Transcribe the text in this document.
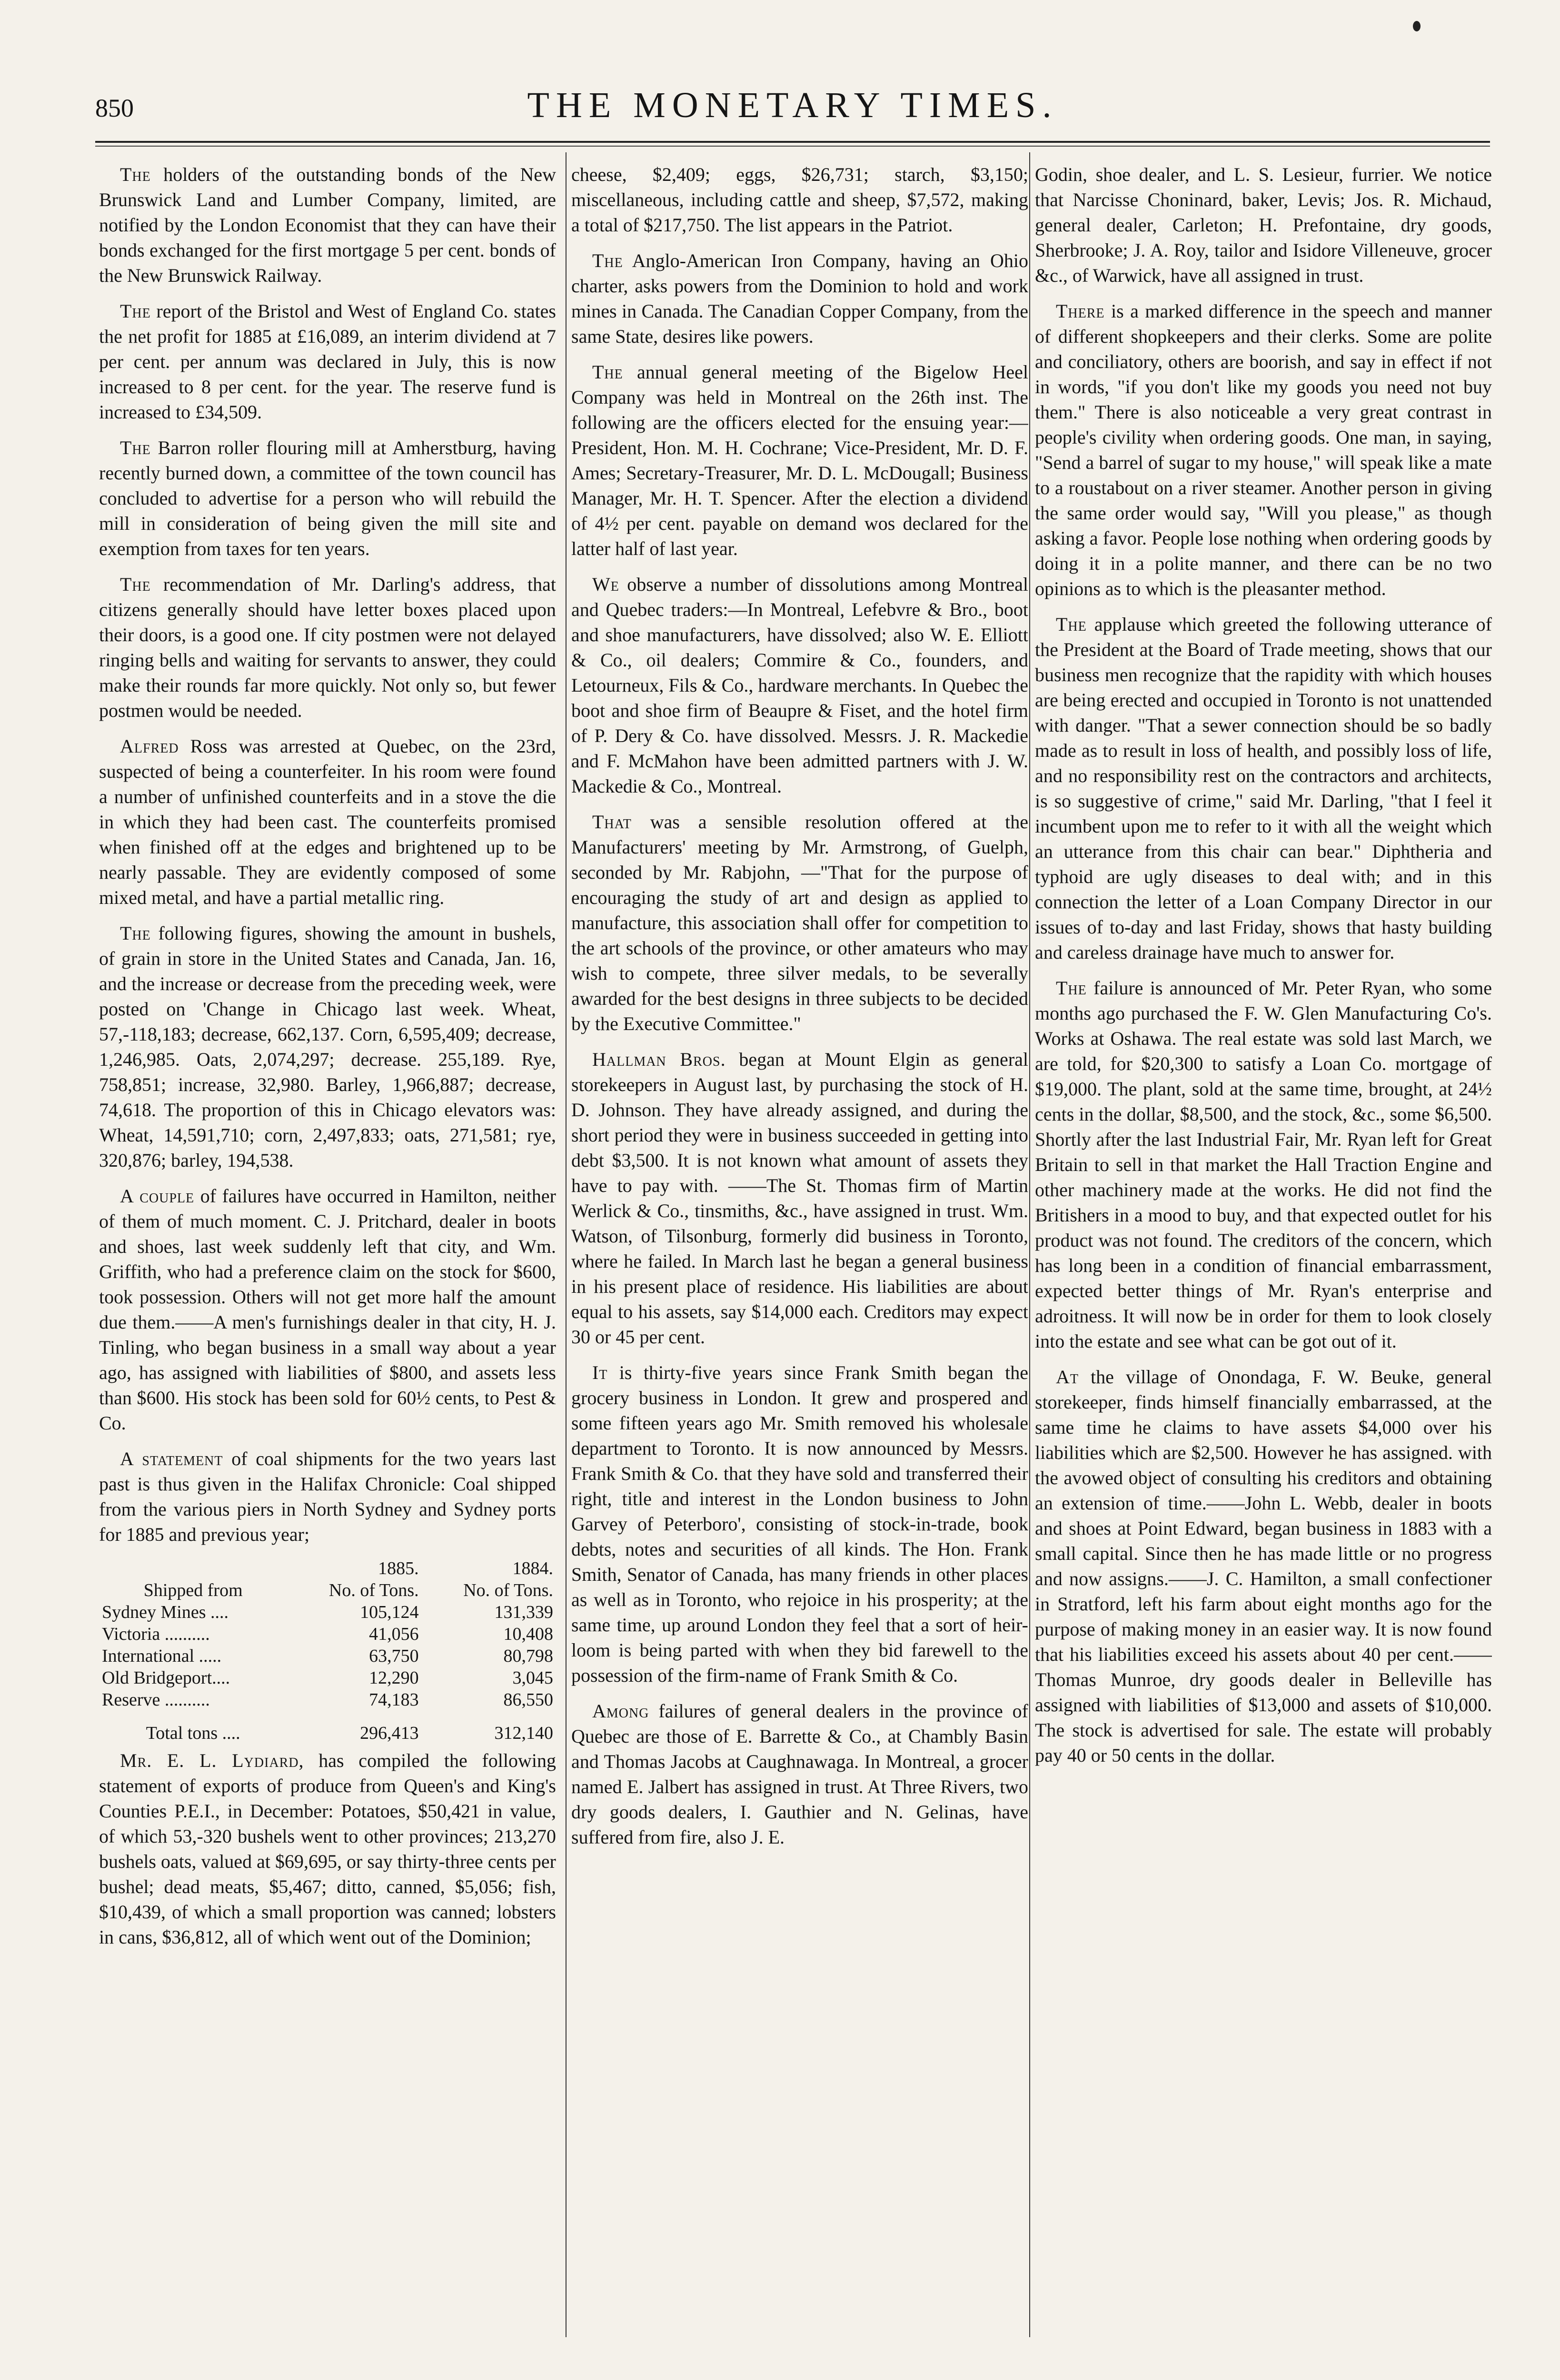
850	THE MONETARY TIMES.

The holders of the outstanding bonds of the New Brunswick Land and Lumber Company, limited, are notified by the London Economist that they can have their bonds exchanged for the first mortgage 5 per cent. bonds of the New Brunswick Railway.

The report of the Bristol and West of England Co. states the net profit for 1885 at £16,089, an interim dividend at 7 per cent. per annum was declared in July, this is now increased to 8 per cent. for the year. The reserve fund is increased to £34,509.

The Barron roller flouring mill at Amherstburg, having recently burned down, a committee of the town council has concluded to advertise for a person who will rebuild the mill in consideration of being given the mill site and exemption from taxes for ten years.

The recommendation of Mr. Darling's address, that citizens generally should have letter boxes placed upon their doors, is a good one. If city postmen were not delayed ringing bells and waiting for servants to answer, they could make their rounds far more quickly. Not only so, but fewer postmen would be needed.

Alfred Ross was arrested at Quebec, on the 23rd, suspected of being a counterfeiter. In his room were found a number of unfinished counterfeits and in a stove the die in which they had been cast. The counterfeits promised when finished off at the edges and brightened up to be nearly passable. They are evidently composed of some mixed metal, and have a partial metallic ring.

The following figures, showing the amount in bushels, of grain in store in the United States and Canada, Jan. 16, and the increase or decrease from the preceding week, were posted on 'Change in Chicago last week. Wheat, 57,-118,183; decrease, 662,137. Corn, 6,595,409; decrease, 1,246,985. Oats, 2,074,297; decrease. 255,189. Rye, 758,851; increase, 32,980. Barley, 1,966,887; decrease, 74,618. The proportion of this in Chicago elevators was: Wheat, 14,591,710; corn, 2,497,833; oats, 271,581; rye, 320,876; barley, 194,538.

A couple of failures have occurred in Hamilton, neither of them of much moment. C. J. Pritchard, dealer in boots and shoes, last week suddenly left that city, and Wm. Griffith, who had a preference claim on the stock for $600, took possession. Others will not get more half the amount due them.——A men's furnishings dealer in that city, H. J. Tinling, who began business in a small way about a year ago, has assigned with liabilities of $800, and assets less than $600. His stock has been sold for 60½ cents, to Pest & Co.

A statement of coal shipments for the two years last past is thus given in the Halifax Chronicle: Coal shipped from the various piers in North Sydney and Sydney ports for 1885 and previous year;

	1885.	1884.
Shipped from	No. of Tons.	No. of Tons.
Sydney Mines ....	105,124	131,339
Victoria ..........	41,056	10,408
International .....	63,750	80,798
Old Bridgeport....	12,290	3,045
Reserve ..........	74,183	86,550
Total tons ....	296,413	312,140

Mr. E. L. Lydiard, has compiled the following statement of exports of produce from Queen's and King's Counties P.E.I., in December: Potatoes, $50,421 in value, of which 53,-320 bushels went to other provinces; 213,270 bushels oats, valued at $69,695, or say thirty-three cents per bushel; dead meats, $5,467; ditto, canned, $5,056; fish, $10,439, of which a small proportion was canned; lobsters in cans, $36,812, all of which went out of the Dominion;

cheese, $2,409; eggs, $26,731; starch, $3,150; miscellaneous, including cattle and sheep, $7,572, making a total of $217,750. The list appears in the Patriot.

The Anglo-American Iron Company, having an Ohio charter, asks powers from the Dominion to hold and work mines in Canada. The Canadian Copper Company, from the same State, desires like powers.

The annual general meeting of the Bigelow Heel Company was held in Montreal on the 26th inst. The following are the officers elected for the ensuing year:—President, Hon. M. H. Cochrane; Vice-President, Mr. D. F. Ames; Secretary-Treasurer, Mr. D. L. McDougall; Business Manager, Mr. H. T. Spencer. After the election a dividend of 4½ per cent. payable on demand wos declared for the latter half of last year.

We observe a number of dissolutions among Montreal and Quebec traders:—In Montreal, Lefebvre & Bro., boot and shoe manufacturers, have dissolved; also W. E. Elliott & Co., oil dealers; Commire & Co., founders, and Letourneux, Fils & Co., hardware merchants. In Quebec the boot and shoe firm of Beaupre & Fiset, and the hotel firm of P. Dery & Co. have dissolved. Messrs. J. R. Mackedie and F. McMahon have been admitted partners with J. W. Mackedie & Co., Montreal.

That was a sensible resolution offered at the Manufacturers' meeting by Mr. Armstrong, of Guelph, seconded by Mr. Rabjohn, —"That for the purpose of encouraging the study of art and design as applied to manufacture, this association shall offer for competition to the art schools of the province, or other amateurs who may wish to compete, three silver medals, to be severally awarded for the best designs in three subjects to be decided by the Executive Committee."

Hallman Bros. began at Mount Elgin as general storekeepers in August last, by purchasing the stock of H. D. Johnson. They have already assigned, and during the short period they were in business succeeded in getting into debt $3,500. It is not known what amount of assets they have to pay with. ——The St. Thomas firm of Martin Werlick & Co., tinsmiths, &c., have assigned in trust. Wm. Watson, of Tilsonburg, formerly did business in Toronto, where he failed. In March last he began a general business in his present place of residence. His liabilities are about equal to his assets, say $14,000 each. Creditors may expect 30 or 45 per cent.

It is thirty-five years since Frank Smith began the grocery business in London. It grew and prospered and some fifteen years ago Mr. Smith removed his wholesale department to Toronto. It is now announced by Messrs. Frank Smith & Co. that they have sold and transferred their right, title and interest in the London business to John Garvey of Peterboro', consisting of stock-in-trade, book debts, notes and securities of all kinds. The Hon. Frank Smith, Senator of Canada, has many friends in other places as well as in Toronto, who rejoice in his prosperity; at the same time, up around London they feel that a sort of heir-loom is being parted with when they bid farewell to the possession of the firm-name of Frank Smith & Co.

Among failures of general dealers in the province of Quebec are those of E. Barrette & Co., at Chambly Basin and Thomas Jacobs at Caughnawaga. In Montreal, a grocer named E. Jalbert has assigned in trust. At Three Rivers, two dry goods dealers, I. Gauthier and N. Gelinas, have suffered from fire, also J. E.

Godin, shoe dealer, and L. S. Lesieur, furrier. We notice that Narcisse Choninard, baker, Levis; Jos. R. Michaud, general dealer, Carleton; H. Prefontaine, dry goods, Sherbrooke; J. A. Roy, tailor and Isidore Villeneuve, grocer &c., of Warwick, have all assigned in trust.

There is a marked difference in the speech and manner of different shopkeepers and their clerks. Some are polite and conciliatory, others are boorish, and say in effect if not in words, "if you don't like my goods you need not buy them." There is also noticeable a very great contrast in people's civility when ordering goods. One man, in saying, "Send a barrel of sugar to my house," will speak like a mate to a roustabout on a river steamer. Another person in giving the same order would say, "Will you please," as though asking a favor. People lose nothing when ordering goods by doing it in a polite manner, and there can be no two opinions as to which is the pleasanter method.

The applause which greeted the following utterance of the President at the Board of Trade meeting, shows that our business men recognize that the rapidity with which houses are being erected and occupied in Toronto is not unattended with danger. "That a sewer connection should be so badly made as to result in loss of health, and possibly loss of life, and no responsibility rest on the contractors and architects, is so suggestive of crime," said Mr. Darling, "that I feel it incumbent upon me to refer to it with all the weight which an utterance from this chair can bear." Diphtheria and typhoid are ugly diseases to deal with; and in this connection the letter of a Loan Company Director in our issues of to-day and last Friday, shows that hasty building and careless drainage have much to answer for.

The failure is announced of Mr. Peter Ryan, who some months ago purchased the F. W. Glen Manufacturing Co's. Works at Oshawa. The real estate was sold last March, we are told, for $20,300 to satisfy a Loan Co. mortgage of $19,000. The plant, sold at the same time, brought, at 24½ cents in the dollar, $8,500, and the stock, &c., some $6,500. Shortly after the last Industrial Fair, Mr. Ryan left for Great Britain to sell in that market the Hall Traction Engine and other machinery made at the works. He did not find the Britishers in a mood to buy, and that expected outlet for his product was not found. The creditors of the concern, which has long been in a condition of financial embarrassment, expected better things of Mr. Ryan's enterprise and adroitness. It will now be in order for them to look closely into the estate and see what can be got out of it.

At the village of Onondaga, F. W. Beuke, general storekeeper, finds himself financially embarrassed, at the same time he claims to have assets $4,000 over his liabilities which are $2,500. However he has assigned. with the avowed object of consulting his creditors and obtaining an extension of time.——John L. Webb, dealer in boots and shoes at Point Edward, began business in 1883 with a small capital. Since then he has made little or no progress and now assigns.——J. C. Hamilton, a small confectioner in Stratford, left his farm about eight months ago for the purpose of making money in an easier way. It is now found that his liabilities exceed his assets about 40 per cent.——Thomas Munroe, dry goods dealer in Belleville has assigned with liabilities of $13,000 and assets of $10,000. The stock is advertised for sale. The estate will probably pay 40 or 50 cents in the dollar.
